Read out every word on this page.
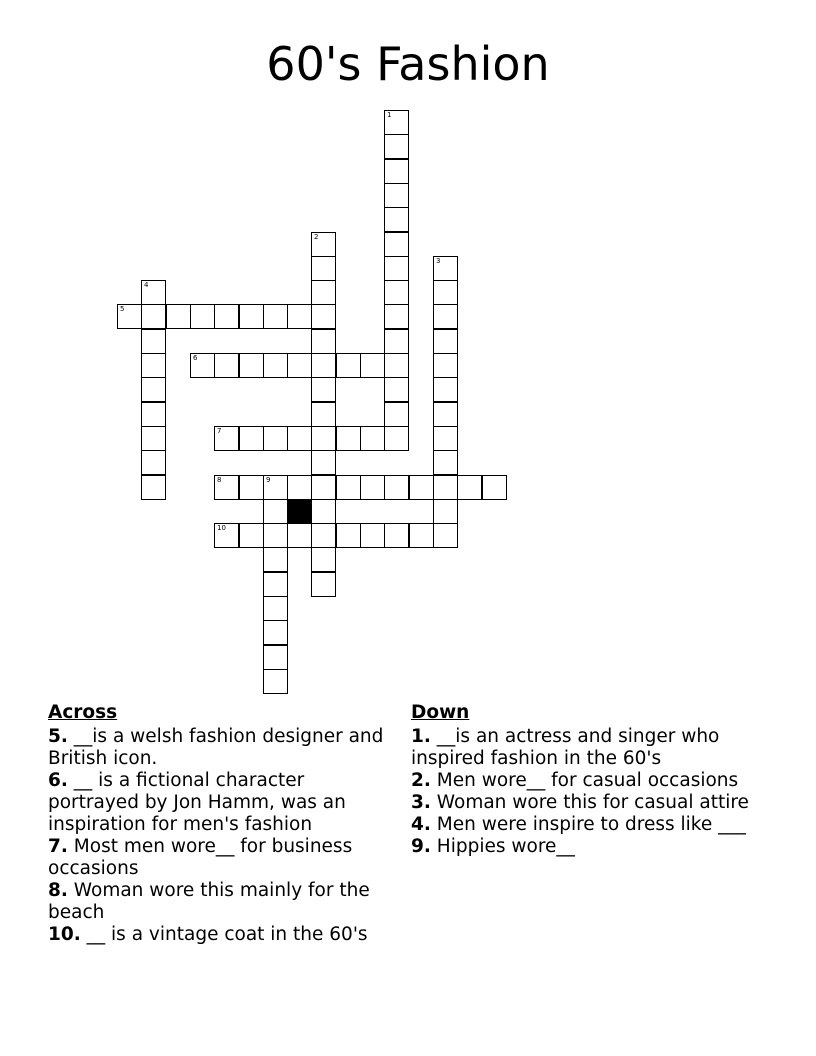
60's Fashion
1
2
3
4
9
5
6
7
8
10
Across
5. __is a welsh fashion designer and British icon.
6. __ is a fictional character portrayed by Jon Hamm, was an inspiration for men's fashion
7. Most men wore__ for business occasions
8. Woman wore this mainly for the beach
10. __ is a vintage coat in the 60's
Down
1. __is an actress and singer who inspired fashion in the 60's
2. Men wore__ for casual occasions
3. Woman wore this for casual attire
4. Men were inspire to dress like ___
9. Hippies wore__
